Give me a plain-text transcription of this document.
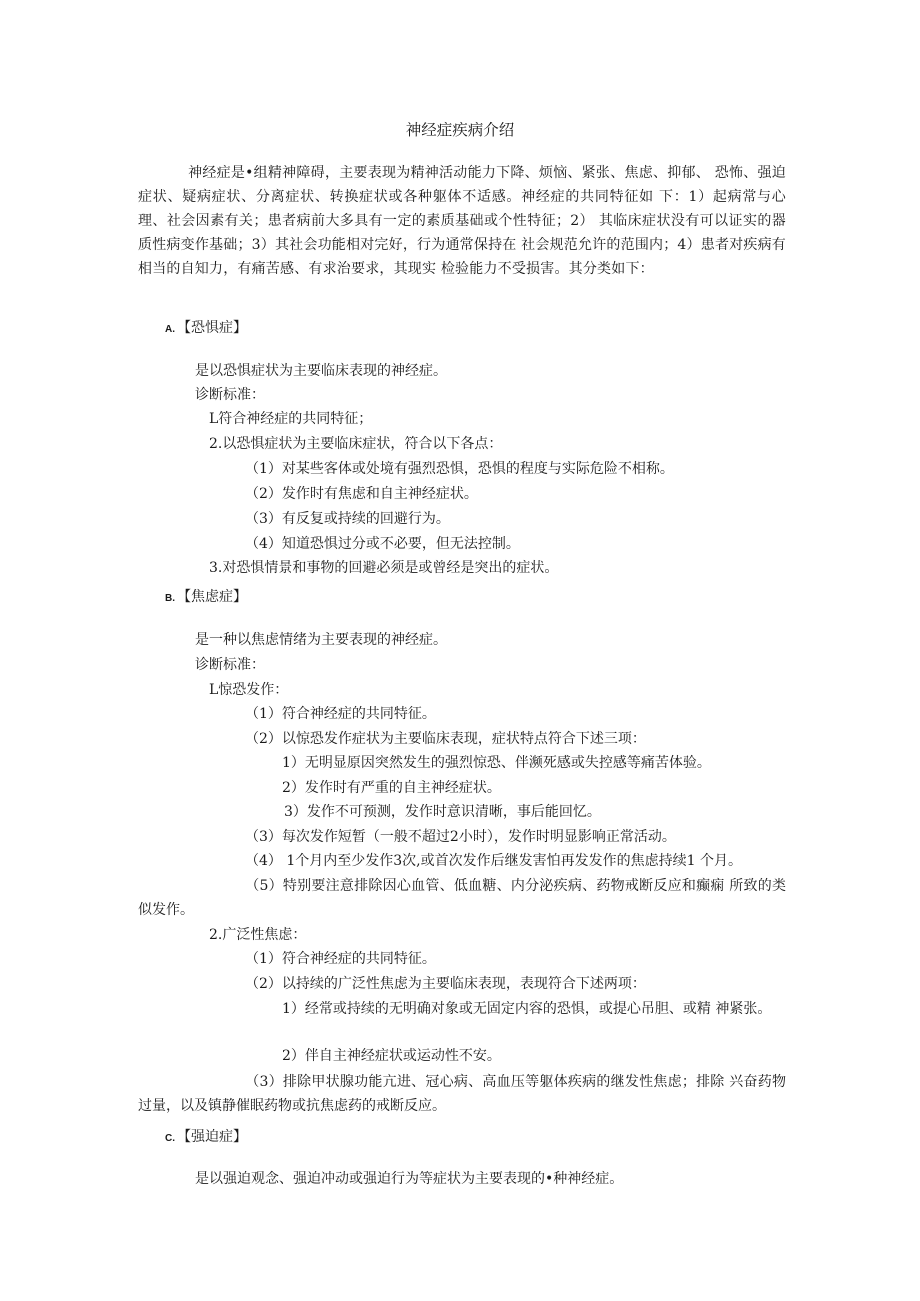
神经症疾病介绍
神经症是•组精神障碍，主要表现为精神活动能力下降、烦恼、紧张、焦虑、抑郁、 恐怖、强迫症状、疑病症状、分离症状、转换症状或各种躯体不适感。神经症的共同特征如 下：1）起病常与心理、社会因素有关；患者病前大多具有一定的素质基础或个性特征；2） 其临床症状没有可以证实的器质性病变作基础；3）其社会功能相对完好，行为通常保持在 社会规范允许的范围内；4）患者对疾病有相当的自知力，有痛苦感、有求治要求，其现实 检验能力不受损害。其分类如下：
A. 【恐惧症】
是以恐惧症状为主要临床表现的神经症。
诊断标准：
L符合神经症的共同特征；
2.以恐惧症状为主要临床症状，符合以下各点：
（1）对某些客体或处境有强烈恐惧，恐惧的程度与实际危险不相称。
（2）发作时有焦虑和自主神经症状。
（3）有反复或持续的回避行为。
（4）知道恐惧过分或不必要，但无法控制。
3.对恐惧情景和事物的回避必须是或曾经是突出的症状。
B. 【焦虑症】
是一种以焦虑情绪为主要表现的神经症。
诊断标准：
L惊恐发作：
（1）符合神经症的共同特征。
（2）以惊恐发作症状为主要临床表现，症状特点符合下述三项：
1）无明显原因突然发生的强烈惊恐、伴濒死感或失控感等痛苦体验。
2）发作时有严重的自主神经症状。
3）发作不可预测，发作时意识清晰，事后能回忆。
（3）每次发作短暂（一般不超过2小时），发作时明显影响正常活动。
（4） 1个月内至少发作3次,或首次发作后继发害怕再发发作的焦虑持续1 个月。
（5）特别要注意排除因心血管、低血糖、内分泌疾病、药物戒断反应和癫痫 所致的类似发作。
2.广泛性焦虑：
（1）符合神经症的共同特征。
（2）以持续的广泛性焦虑为主要临床表现，表现符合下述两项：
1）经常或持续的无明确对象或无固定内容的恐惧，或提心吊胆、或精 神紧张。
2）伴自主神经症状或运动性不安。
（3）排除甲状腺功能亢进、冠心病、高血压等躯体疾病的继发性焦虑；排除 兴奋药物过量，以及镇静催眠药物或抗焦虑药的戒断反应。
C. 【强迫症】
是以强迫观念、强迫冲动或强迫行为等症状为主要表现的•种神经症。
